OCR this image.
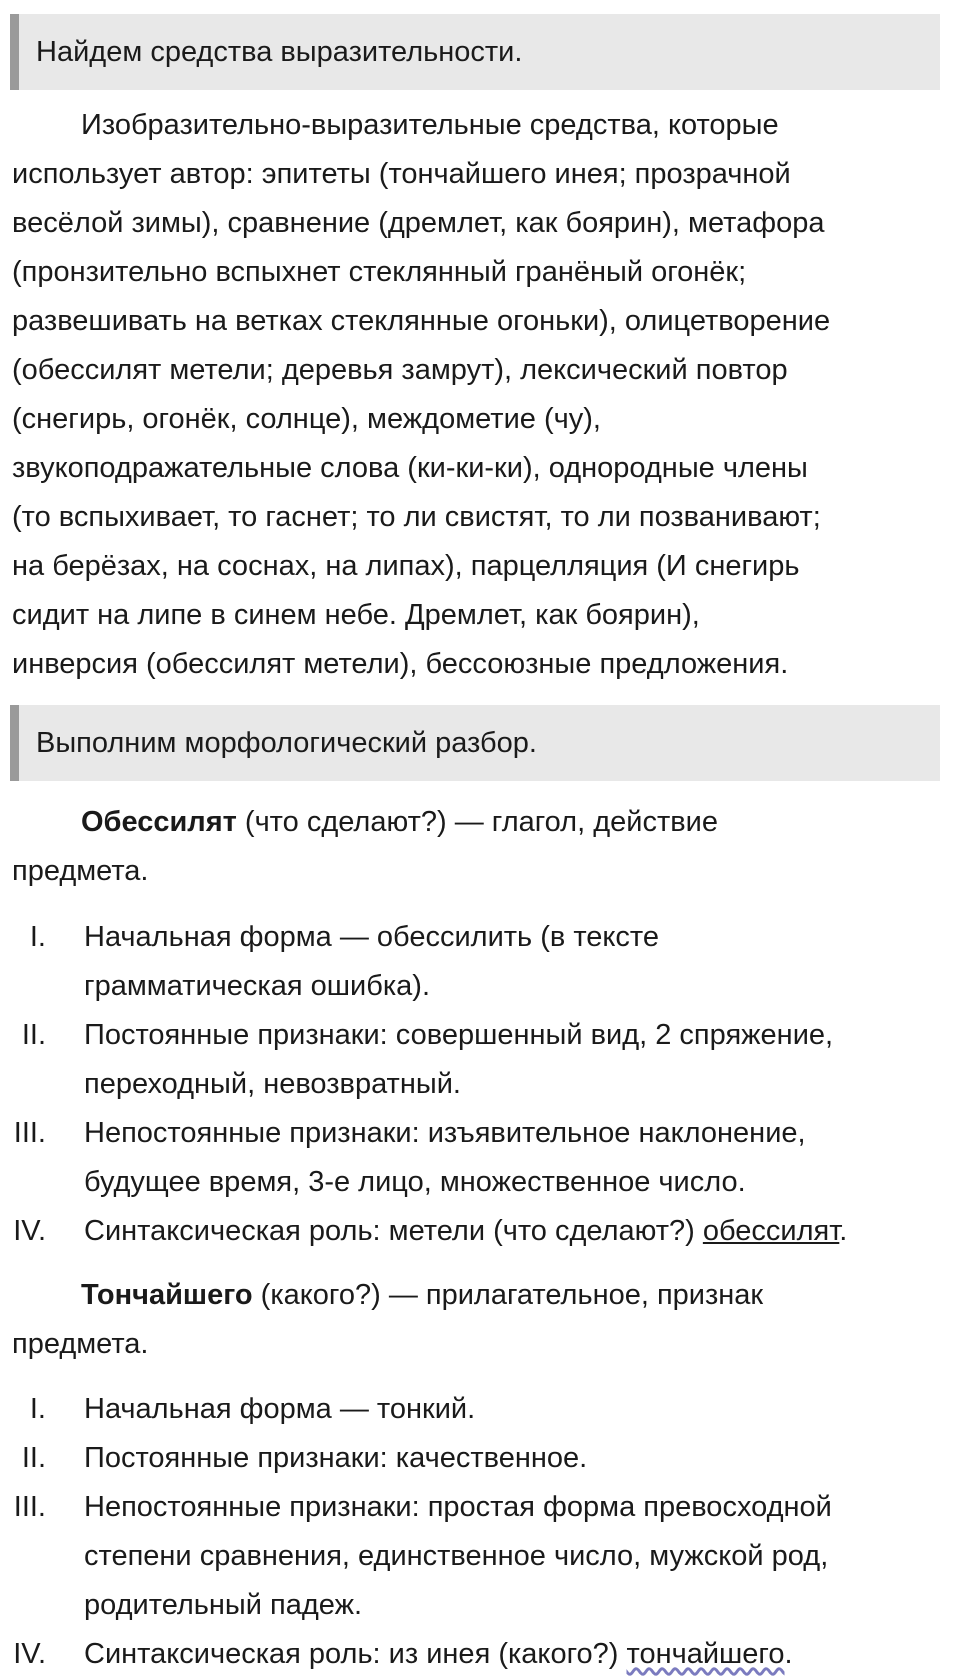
Найдем средства выразительности.
Изобразительно-выразительные средства, которые
использует автор: эпитеты (тончайшего инея; прозрачной
весёлой зимы), сравнение (дремлет, как боярин), метафора
(пронзительно вспыхнет стеклянный гранёный огонёк;
развешивать на ветках стеклянные огоньки), олицетворение
(обессилят метели; деревья замрут), лексический повтор
(снегирь, огонёк, солнце), междометие (чу),
звукоподражательные слова (ки-ки-ки), однородные члены
(то вспыхивает, то гаснет; то ли свистят, то ли позванивают;
на берёзах, на соснах, на липах), парцелляция (И снегирь
сидит на липе в синем небе. Дремлет, как боярин),
инверсия (обессилят метели), бессоюзные предложения.
Выполним морфологический разбор.
Обессилят (что сделают?) — глагол, действие
предмета.
I. Начальная форма — обессилить (в тексте
грамматическая ошибка).
II. Постоянные признаки: совершенный вид, 2 спряжение,
переходный, невозвратный.
III. Непостоянные признаки: изъявительное наклонение,
будущее время, 3-е лицо, множественное число.
IV. Синтаксическая роль: метели (что сделают?) обессилят.
Тончайшего (какого?) — прилагательное, признак
предмета.
I. Начальная форма — тонкий.
II. Постоянные признаки: качественное.
III. Непостоянные признаки: простая форма превосходной
степени сравнения, единственное число, мужской род,
родительный падеж.
IV. Синтаксическая роль: из инея (какого?) тончайшего.
